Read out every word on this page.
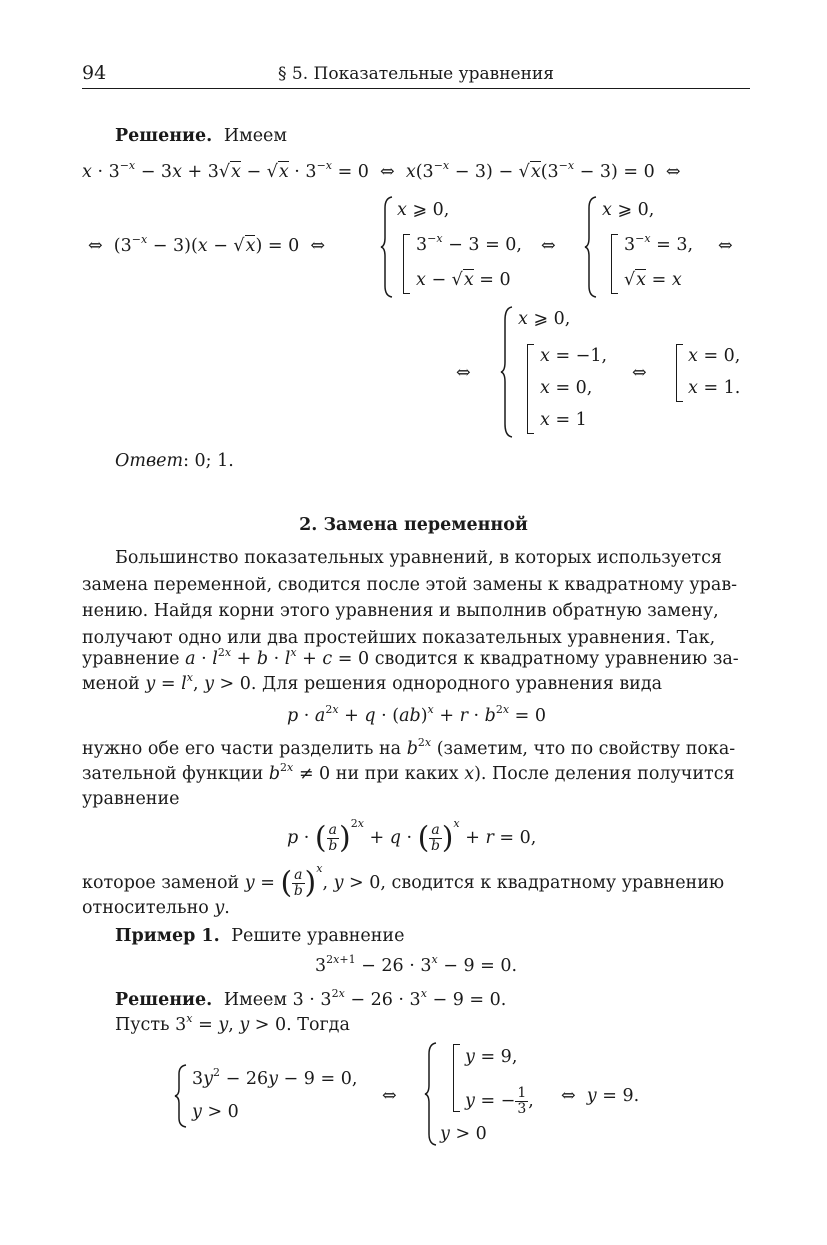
94	§ 5. Показательные уравнения
Решение. Имеем
$x \cdot 3^{-x} - 3x + 3√x - √x \cdot 3^{-x} = 0$  ⇔  $x(3^{-x} - 3) - √x(3^{-x} - 3) = 0$  ⇔
⇔  $(3^{-x} - 3)(x - √x) = 0$  ⇔
x ⩾ 0,
$3^{-x} - 3 = 0$,
x − √x = 0
⇔
x ⩾ 0,
$3^{-x} = 3$,
√x = x
⇔
⇔
x ⩾ 0,
x = −1,
x = 0,
x = 1
⇔
x = 0,
x = 1.
Ответ: 0; 1.
2. Замена переменной
Большинство показательных уравнений, в которых используется
замена переменной, сводится после этой замены к квадратному урав-
нению. Найдя корни этого уравнения и выполнив обратную замену,
получают одно или два простейших показательных уравнения. Так,
уравнение $a \cdot l^{2x} + b \cdot l^x + c = 0$ сводится к квадратному уравнению за-
меной $y = l^x$, y > 0. Для решения однородного уравнения вида
$p \cdot a^{2x} + q \cdot (ab)^x + r \cdot b^{2x} = 0$
нужно обе его части разделить на $b^{2x}$ (заметим, что по свойству пока-
зательной функции $b^{2x} \ne 0$ ни при каких x). После деления получится
уравнение
p · ( $\frac{a}{b} )^{2x} + q$ · ( $\frac{a}{b} )^x + r = 0$,
которое заменой y = ( $\frac{a}{b} )^x$, y > 0, сводится к квадратному уравнению
относительно y.
Пример 1. Решите уравнение
$3^{2x+1} - 26 \cdot 3^x - 9 = 0$.
Решение. Имеем $3 \cdot 3^{2x} - 26 \cdot 3^x - 9 = 0$.
Пусть $3^x = y$, y > 0. Тогда
$3y^2 - 26y - 9 = 0$,
y > 0
⇔
y = 9,
y = − $\frac{1}{3}$ ,
y > 0
⇔  y = 9.
